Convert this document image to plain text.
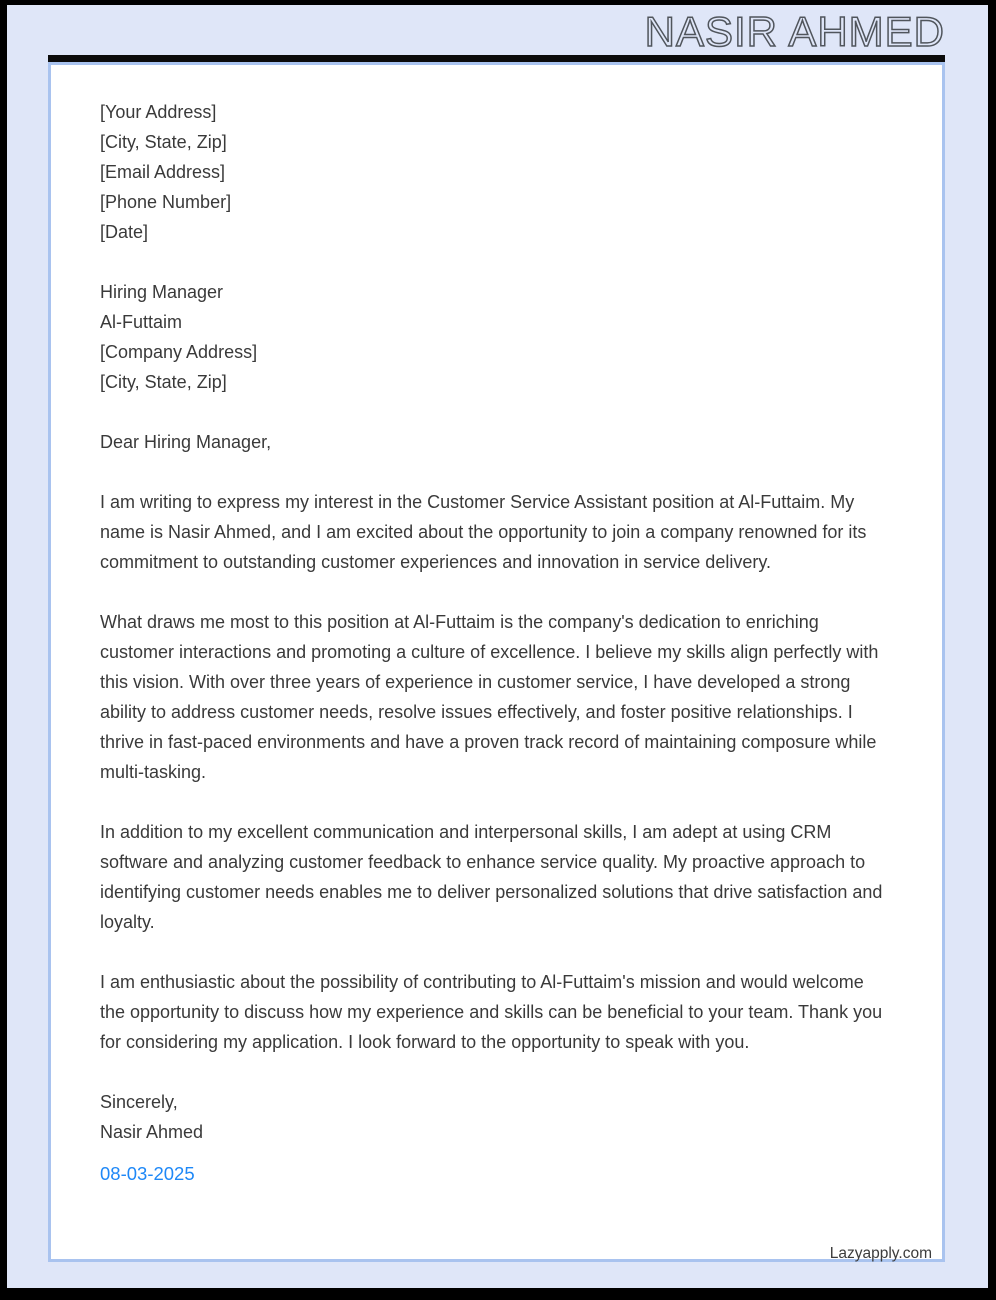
NASIR AHMED
[Your Address]
[City, State, Zip]
[Email Address]
[Phone Number]
[Date]
Hiring Manager
Al-Futtaim
[Company Address]
[City, State, Zip]
Dear Hiring Manager,

I am writing to express my interest in the Customer Service Assistant position at Al-Futtaim. My name is Nasir Ahmed, and I am excited about the opportunity to join a company renowned for its commitment to outstanding customer experiences and innovation in service delivery.

What draws me most to this position at Al-Futtaim is the company's dedication to enriching customer interactions and promoting a culture of excellence. I believe my skills align perfectly with this vision. With over three years of experience in customer service, I have developed a strong ability to address customer needs, resolve issues effectively, and foster positive relationships. I thrive in fast-paced environments and have a proven track record of maintaining composure while multi-tasking.

In addition to my excellent communication and interpersonal skills, I am adept at using CRM software and analyzing customer feedback to enhance service quality. My proactive approach to identifying customer needs enables me to deliver personalized solutions that drive satisfaction and loyalty.

I am enthusiastic about the possibility of contributing to Al-Futtaim's mission and would welcome the opportunity to discuss how my experience and skills can be beneficial to your team. Thank you for considering my application. I look forward to the opportunity to speak with you.

Sincerely,
Nasir Ahmed
08-03-2025
Lazyapply.com
